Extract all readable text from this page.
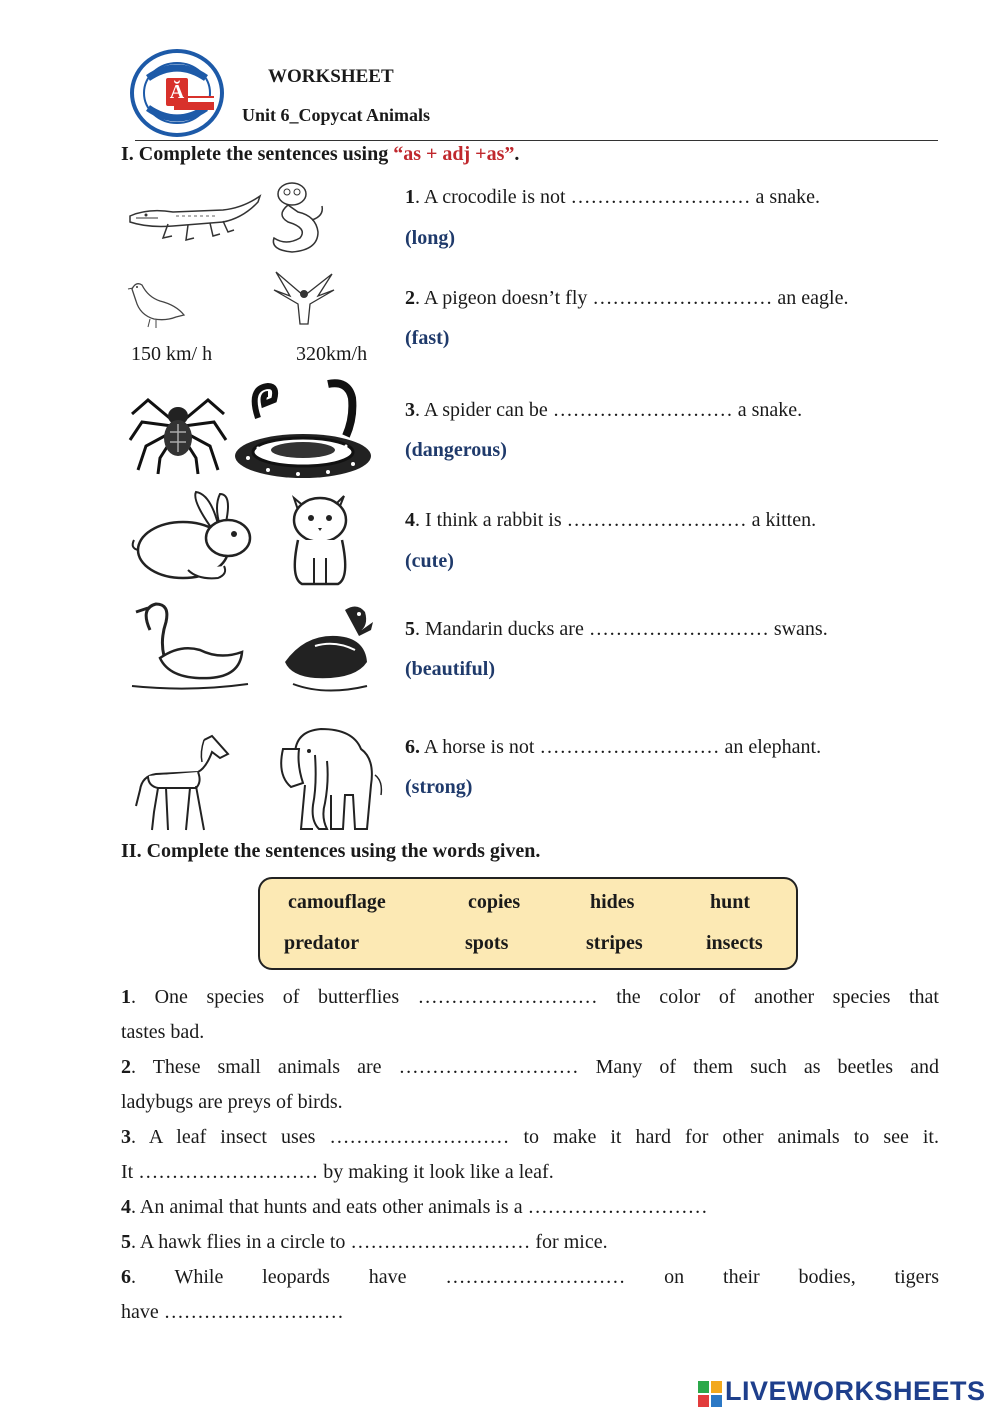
Ă
WORKSHEET
Unit 6_Copycat Animals
I. Complete the sentences using “as + adj +as”.
150 km/ h	320km/h
1. A crocodile is not ……………………… a snake.
(long)
2. A pigeon doesn’t fly ……………………… an eagle.
(fast)
3. A spider can be ……………………… a snake.
(dangerous)
4. I think a rabbit is ……………………… a kitten.
(cute)
5. Mandarin ducks are ……………………… swans.
(beautiful)
6. A horse is not ……………………… an elephant.
(strong)
II. Complete the sentences using the words given.
camouflage	copies	hides	hunt
predator	spots	stripes	insects
1. One species of butterflies ……………………… the color of another species that
tastes bad.
2. These small animals are ……………………… Many of them such as beetles and
ladybugs are preys of birds.
3. A leaf insect uses ……………………… to make it hard for other animals to see it.
It ……………………… by making it look like a leaf.
4. An animal that hunts and eats other animals is a ………………………
5. A hawk flies in a circle to ……………………… for mice.
6. While leopards have ……………………… on their bodies, tigers
have ………………………
LIVEWORKSHEETS
